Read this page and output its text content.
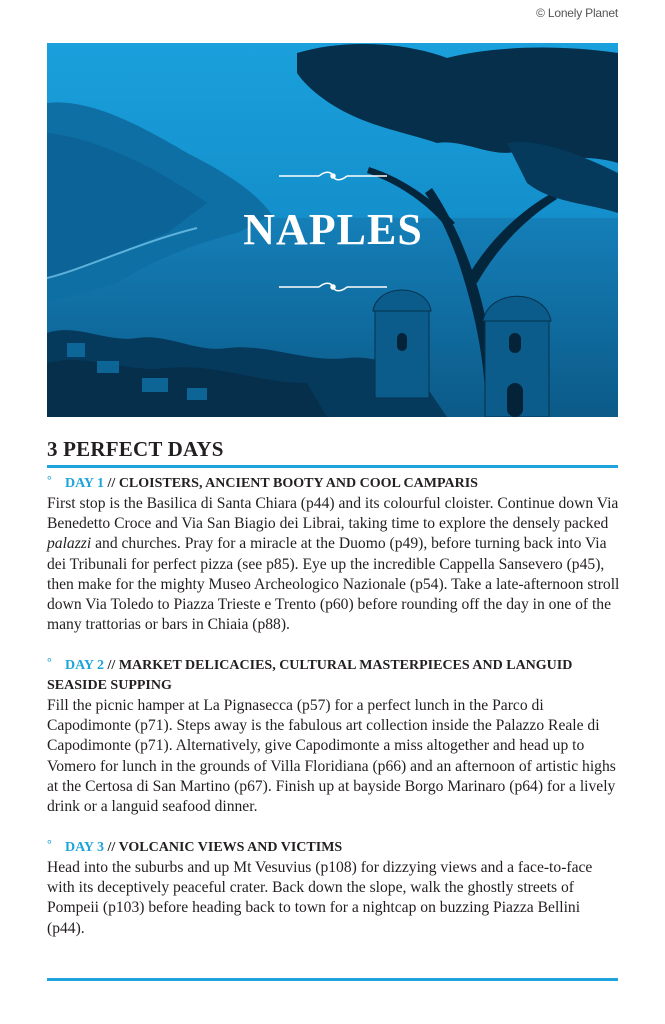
© Lonely Planet
NAPLES
3 PERFECT DAYS

° DAY 1 // CLOISTERS, ANCIENT BOOTY AND COOL CAMPARIS

First stop is the Basilica di Santa Chiara (p44) and its colourful cloister. Continue down Via Benedetto Croce and Via San Biagio dei Librai, taking time to explore the densely packed palazzi and churches. Pray for a miracle at the Duomo (p49), before turning back into Via dei Tribunali for perfect pizza (see p85). Eye up the incredible Cappella Sansevero (p45), then make for the mighty Museo Archeologico Nazionale (p54). Take a late-afternoon stroll down Via Toledo to Piazza Trieste e Trento (p60) before rounding off the day in one of the many trattorias or bars in Chiaia (p88).

° DAY 2 // MARKET DELICACIES, CULTURAL MASTERPIECES AND LANGUID SEASIDE SUPPING

Fill the picnic hamper at La Pignasecca (p57) for a perfect lunch in the Parco di Capodimonte (p71). Steps away is the fabulous art collection inside the Palazzo Reale di Capodimonte (p71). Alternatively, give Capodimonte a miss altogether and head up to Vomero for lunch in the grounds of Villa Floridiana (p66) and an afternoon of artistic highs at the Certosa di San Martino (p67). Finish up at bayside Borgo Marinaro (p64) for a lively drink or a languid seafood dinner.

° DAY 3 // VOLCANIC VIEWS AND VICTIMS

Head into the suburbs and up Mt Vesuvius (p108) for dizzying views and a face-to-face with its deceptively peaceful crater. Back down the slope, walk the ghostly streets of Pompeii (p103) before heading back to town for a nightcap on buzzing Piazza Bellini (p44).
